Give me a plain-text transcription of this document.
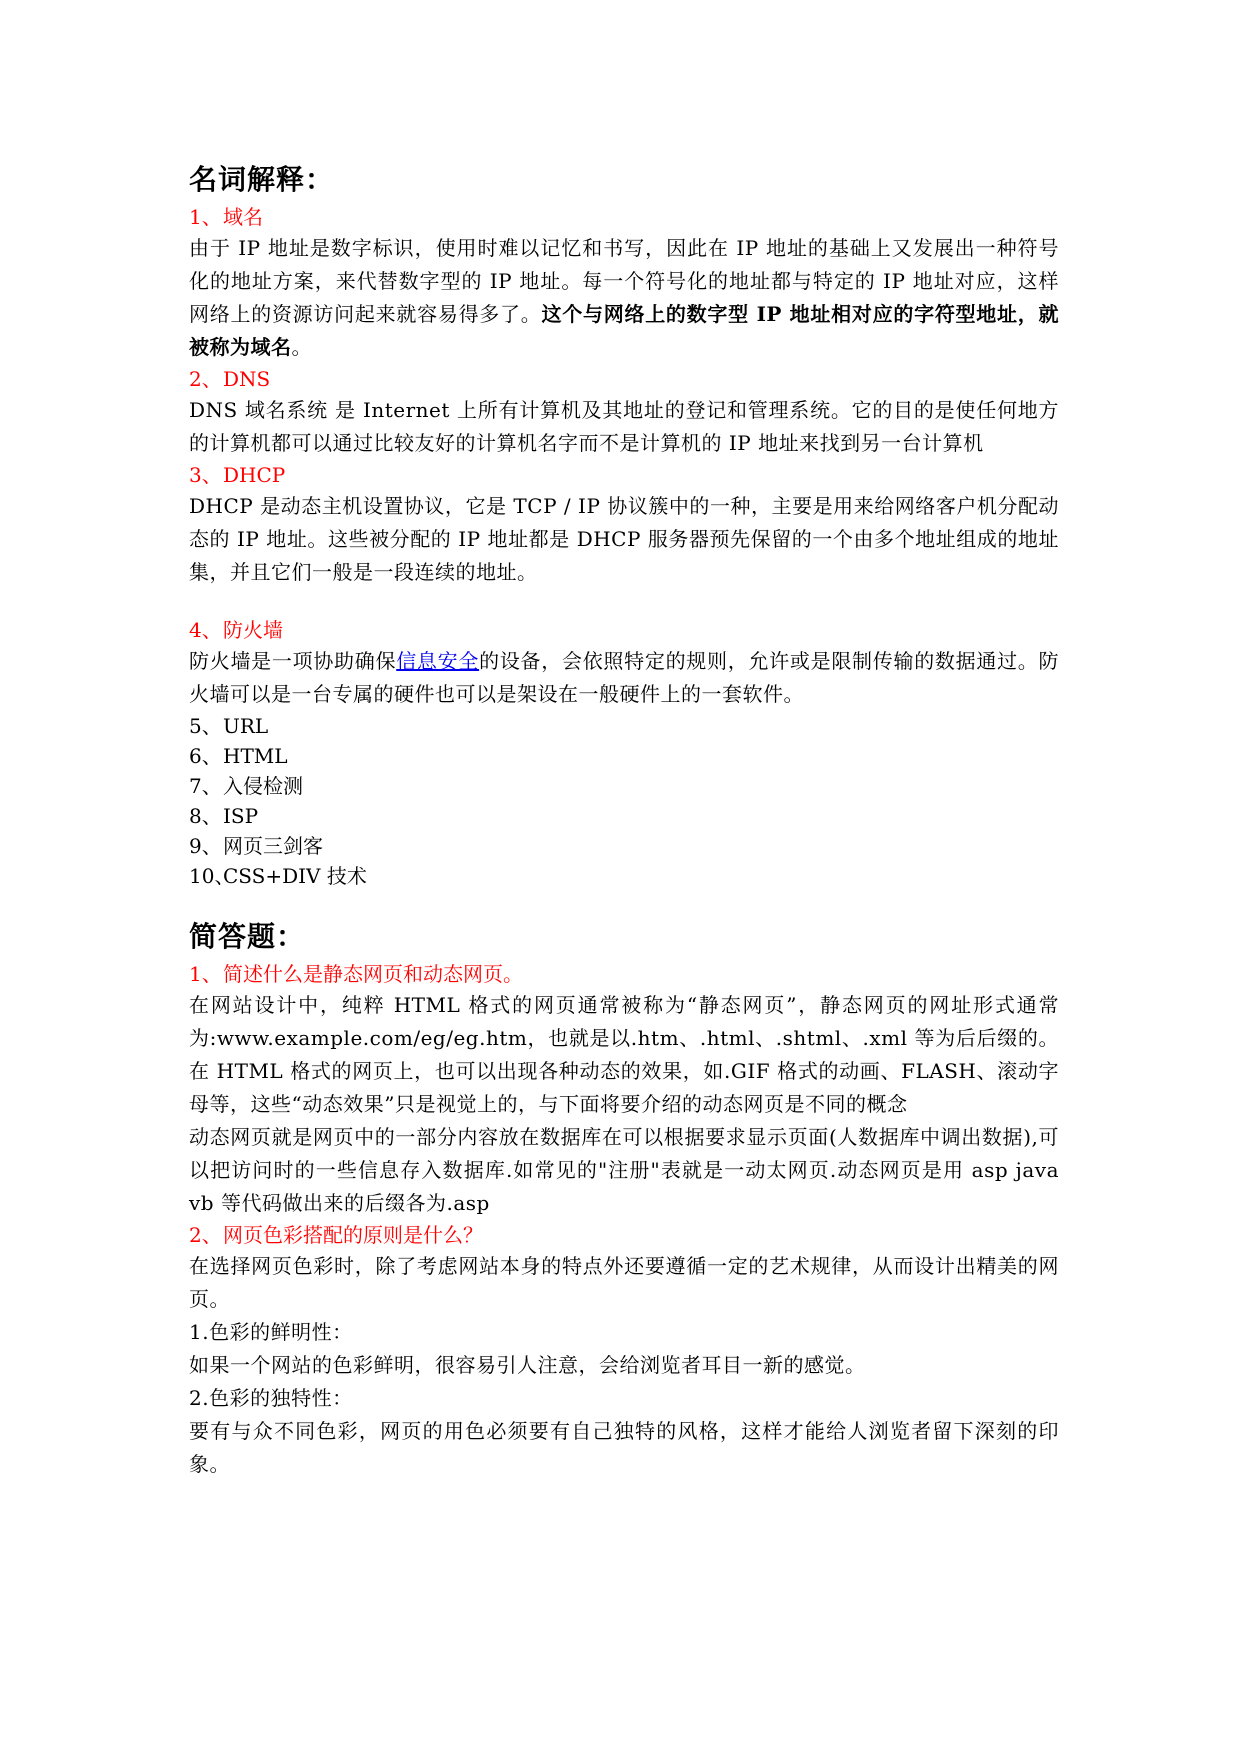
名词解释：
1、域名

由于 IP 地址是数字标识，使用时难以记忆和书写，因此在 IP 地址的基础上又发展出一种符号化的地址方案，来代替数字型的 IP 地址。每一个符号化的地址都与特定的 IP 地址对应，这样网络上的资源访问起来就容易得多了。这个与网络上的数字型 IP 地址相对应的字符型地址，就被称为域名。

2、DNS

DNS 域名系统 是 Internet 上所有计算机及其地址的登记和管理系统。它的目的是使任何地方的计算机都可以通过比较友好的计算机名字而不是计算机的 IP 地址来找到另一台计算机

3、DHCP

DHCP 是动态主机设置协议，它是 TCP / IP 协议簇中的一种，主要是用来给网络客户机分配动态的 IP 地址。这些被分配的 IP 地址都是 DHCP 服务器预先保留的一个由多个地址组成的地址集，并且它们一般是一段连续的地址。

4、防火墙

防火墙是一项协助确保信息安全的设备，会依照特定的规则，允许或是限制传输的数据通过。防火墙可以是一台专属的硬件也可以是架设在一般硬件上的一套软件。

5、URL
6、HTML
7、入侵检测
8、ISP
9、网页三剑客
10、CSS+DIV 技术
简答题：
1、简述什么是静态网页和动态网页。

在网站设计中，纯粹 HTML 格式的网页通常被称为“静态网页”，静态网页的网址形式通常为:www.example.com/eg/eg.htm，也就是以.htm、.html、.shtml、.xml 等为后后缀的。在 HTML 格式的网页上，也可以出现各种动态的效果，如.GIF 格式的动画、FLASH、滚动字母等，这些“动态效果”只是视觉上的，与下面将要介绍的动态网页是不同的概念

动态网页就是网页中的一部分内容放在数据库在可以根据要求显示页面(人数据库中调出数据),可以把访问时的一些信息存入数据库.如常见的"注册"表就是一动太网页.动态网页是用 asp java vb 等代码做出来的后缀各为.asp

2、网页色彩搭配的原则是什么？

在选择网页色彩时，除了考虑网站本身的特点外还要遵循一定的艺术规律，从而设计出精美的网页。

1.色彩的鲜明性：

如果一个网站的色彩鲜明，很容易引人注意，会给浏览者耳目一新的感觉。

2.色彩的独特性：

要有与众不同色彩，网页的用色必须要有自己独特的风格，这样才能给人浏览者留下深刻的印象。
